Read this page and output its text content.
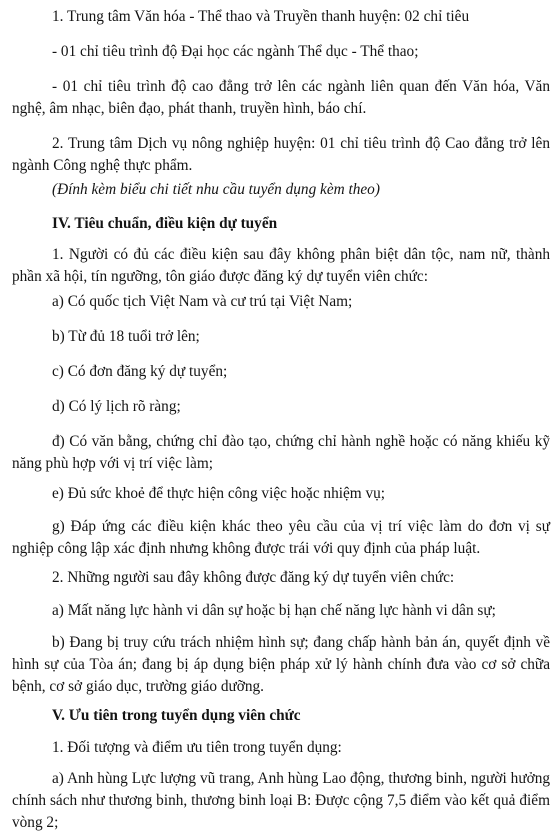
1. Trung tâm Văn hóa - Thể thao và Truyền thanh huyện: 02 chỉ tiêu

- 01 chỉ tiêu trình độ Đại học các ngành Thể dục - Thể thao;

- 01 chỉ tiêu trình độ cao đẳng trở lên các ngành liên quan đến Văn hóa, Văn nghệ, âm nhạc, biên đạo, phát thanh, truyền hình, báo chí.

2. Trung tâm Dịch vụ nông nghiệp huyện: 01 chỉ tiêu trình độ Cao đẳng trở lên ngành Công nghệ thực phẩm.

(Đính kèm biểu chi tiết nhu cầu tuyển dụng kèm theo)

IV. Tiêu chuẩn, điều kiện dự tuyển

1. Người có đủ các điều kiện sau đây không phân biệt dân tộc, nam nữ, thành phần xã hội, tín ngưỡng, tôn giáo được đăng ký dự tuyển viên chức:

a) Có quốc tịch Việt Nam và cư trú tại Việt Nam;

b) Từ đủ 18 tuổi trở lên;

c) Có đơn đăng ký dự tuyển;

d) Có lý lịch rõ ràng;

đ) Có văn bằng, chứng chỉ đào tạo, chứng chỉ hành nghề hoặc có năng khiếu kỹ năng phù hợp với vị trí việc làm;

e) Đủ sức khoẻ để thực hiện công việc hoặc nhiệm vụ;

g) Đáp ứng các điều kiện khác theo yêu cầu của vị trí việc làm do đơn vị sự nghiệp công lập xác định nhưng không được trái với quy định của pháp luật.

2. Những người sau đây không được đăng ký dự tuyển viên chức:

a) Mất năng lực hành vi dân sự hoặc bị hạn chế năng lực hành vi dân sự;

b) Đang bị truy cứu trách nhiệm hình sự; đang chấp hành bản án, quyết định về hình sự của Tòa án; đang bị áp dụng biện pháp xử lý hành chính đưa vào cơ sở chữa bệnh, cơ sở giáo dục, trường giáo dưỡng.

V. Ưu tiên trong tuyển dụng viên chức

1. Đối tượng và điểm ưu tiên trong tuyển dụng:

a) Anh hùng Lực lượng vũ trang, Anh hùng Lao động, thương binh, người hưởng chính sách như thương binh, thương binh loại B: Được cộng 7,5 điểm vào kết quả điểm vòng 2;
